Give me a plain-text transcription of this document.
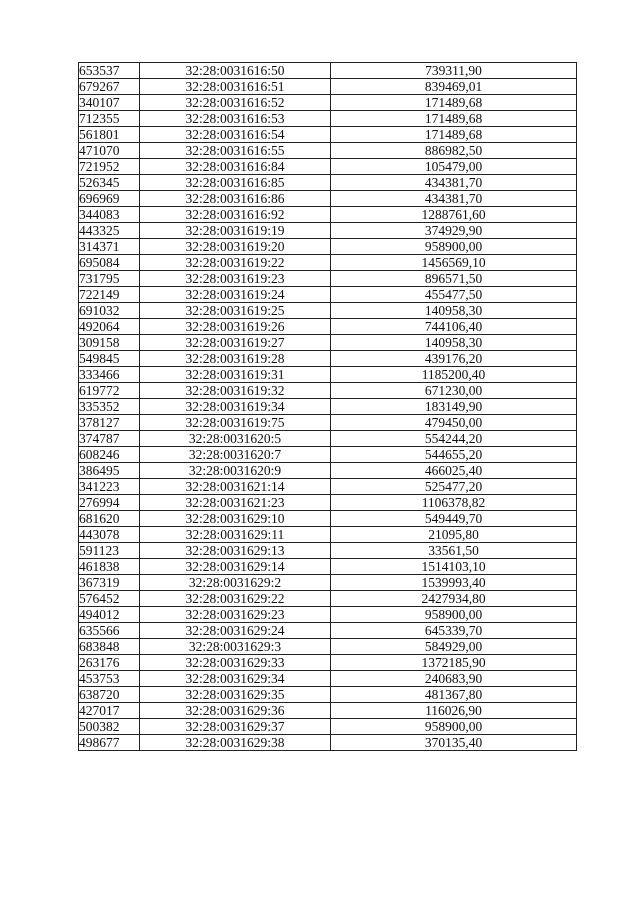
653537	32:28:0031616:50	739311,90
679267	32:28:0031616:51	839469,01
340107	32:28:0031616:52	171489,68
712355	32:28:0031616:53	171489,68
561801	32:28:0031616:54	171489,68
471070	32:28:0031616:55	886982,50
721952	32:28:0031616:84	105479,00
526345	32:28:0031616:85	434381,70
696969	32:28:0031616:86	434381,70
344083	32:28:0031616:92	1288761,60
443325	32:28:0031619:19	374929,90
314371	32:28:0031619:20	958900,00
695084	32:28:0031619:22	1456569,10
731795	32:28:0031619:23	896571,50
722149	32:28:0031619:24	455477,50
691032	32:28:0031619:25	140958,30
492064	32:28:0031619:26	744106,40
309158	32:28:0031619:27	140958,30
549845	32:28:0031619:28	439176,20
333466	32:28:0031619:31	1185200,40
619772	32:28:0031619:32	671230,00
335352	32:28:0031619:34	183149,90
378127	32:28:0031619:75	479450,00
374787	32:28:0031620:5	554244,20
608246	32:28:0031620:7	544655,20
386495	32:28:0031620:9	466025,40
341223	32:28:0031621:14	525477,20
276994	32:28:0031621:23	1106378,82
681620	32:28:0031629:10	549449,70
443078	32:28:0031629:11	21095,80
591123	32:28:0031629:13	33561,50
461838	32:28:0031629:14	1514103,10
367319	32:28:0031629:2	1539993,40
576452	32:28:0031629:22	2427934,80
494012	32:28:0031629:23	958900,00
635566	32:28:0031629:24	645339,70
683848	32:28:0031629:3	584929,00
263176	32:28:0031629:33	1372185,90
453753	32:28:0031629:34	240683,90
638720	32:28:0031629:35	481367,80
427017	32:28:0031629:36	116026,90
500382	32:28:0031629:37	958900,00
498677	32:28:0031629:38	370135,40
